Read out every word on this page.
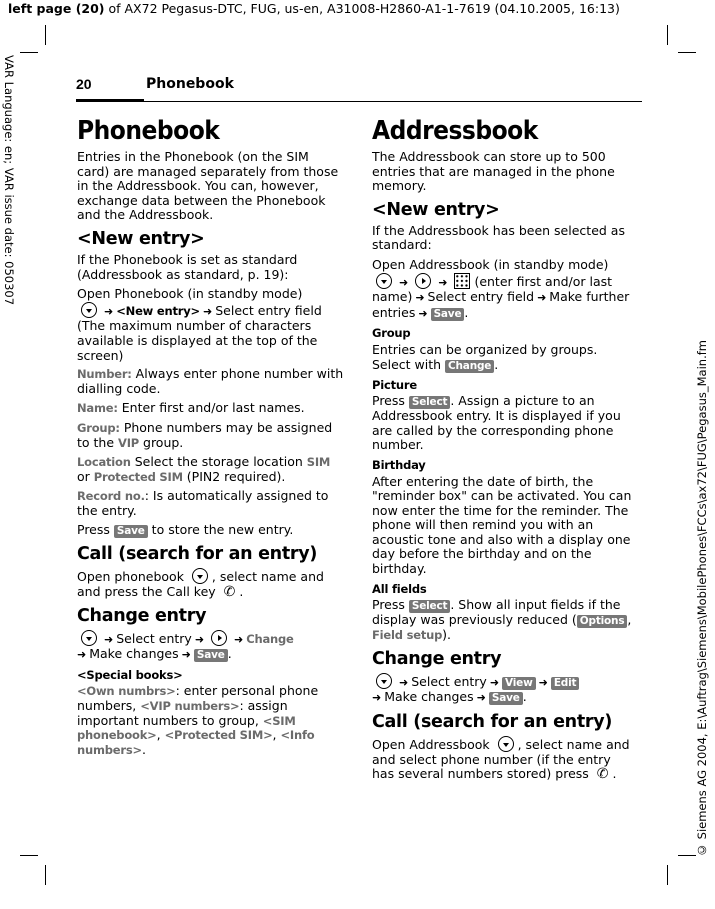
left page (20) of AX72 Pegasus-DTC, FUG, us-en, A31008-H2860-A1-1-7619 (04.10.2005, 16:13)
VAR Language: en; VAR issue date: 050307
© Siemens AG 2004, E:\Auftrag\Siemens\MobilePhones\FCCs\ax72\FUG\Pegasus_Main.fm
20	Phonebook
Phonebook

Entries in the Phonebook (on the SIM card) are managed separately from those in the Addressbook. You can, however, exchange data between the Phonebook and the Addressbook.

<New entry>

If the Phonebook is set as standard (Addressbook as standard, p. 19):

Open Phonebook (in standby mode)
➜ <New entry> ➜ Select entry field (The maximum number of characters available is displayed at the top of the screen)

Number: Always enter phone number with dialling code.

Name: Enter first and/or last names.

Group: Phone numbers may be assigned to the VIP group.

Location Select the storage location SIM or Protected SIM (PIN2 required).

Record no.: Is automatically assigned to the entry.

Press Save to store the new entry.

Call (search for an entry)

Open phonebook , select name and and press the Call key ✆ .

Change entry

➜ Select entry ➜	➜ Change
➜ Make changes ➜ Save .

<Special books>

<Own numbrs>: enter personal phone numbers, <VIP numbers>: assign important numbers to group, <SIM phonebook>, <Protected SIM>, <Info numbers>.

Addressbook

The Addressbook can store up to 500 entries that are managed in the phone memory.

<New entry>

If the Addressbook has been selected as standard:

Open Addressbook (in standby mode)
➜	➜ (enter first and/or last name) ➜ Select entry field ➜ Make further entries ➜ Save .

Group

Entries can be organized by groups. Select with Change .

Picture

Press Select . Assign a picture to an Addressbook entry. It is displayed if you are called by the corresponding phone number.

Birthday

After entering the date of birth, the "reminder box" can be activated. You can now enter the time for the reminder. The phone will then remind you with an acoustic tone and also with a display one day before the birthday and on the birthday.

All fields

Press Select . Show all input fields if the display was previously reduced ( Options , Field setup).

Change entry

➜ Select entry ➜ View ➜ Edit
➜ Make changes ➜ Save .

Call (search for an entry)

Open Addressbook , select name and and select phone number (if the entry has several numbers stored) press ✆ .
